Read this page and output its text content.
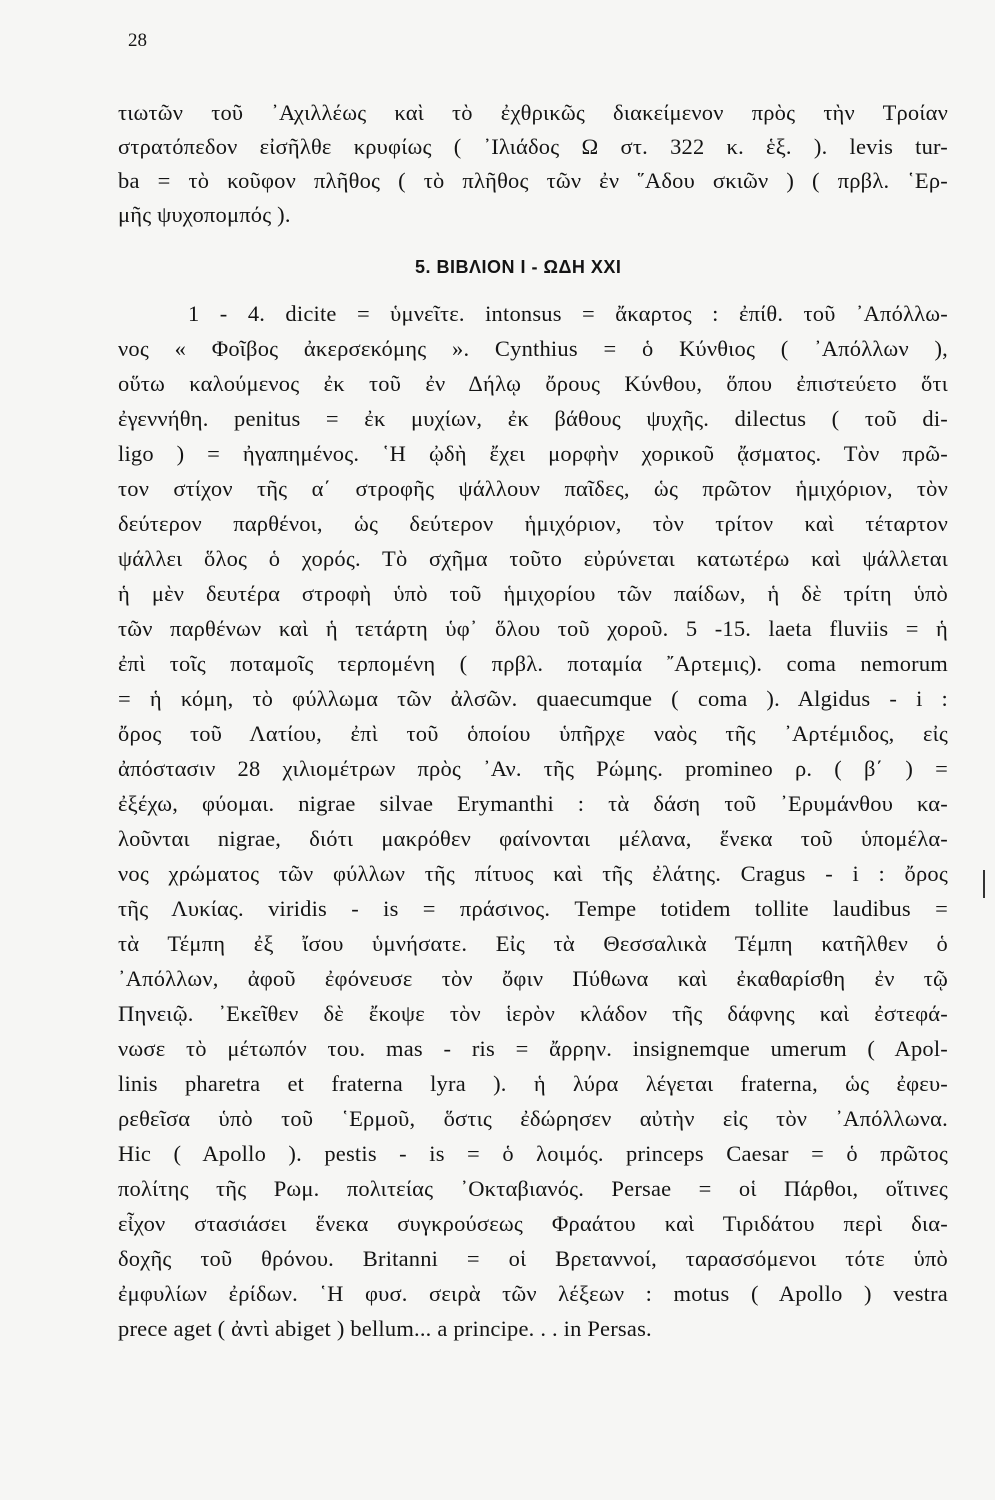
28
τιωτῶν τοῦ ᾿Αχιλλέως καὶ τὸ ἐχθρικῶς διακείμενον πρὸς τὴν Τροίαν
στρατόπεδον εἰσῆλθε κρυφίως ( ᾿Ιλιάδος Ω στ. 322 κ. ἑξ. ). levis tur-
ba = τὸ κοῦφον πλῆθος ( τὸ πλῆθος τῶν ἐν ῞Αδου σκιῶν ) ( πρβλ. ῾Ερ-
μῆς ψυχοπομπός ).
5. ΒΙΒΛΙΟΝ Ι - ΩΔΗ XXI
1 - 4. dicite = ὑμνεῖτε. intonsus = ἄκαρτος : ἐπίθ. τοῦ ᾿Απόλλω-
νος « Φοῖβος ἀκερσεκόμης ». Cynthius = ὁ Κύνθιος ( ᾿Απόλλων ),
οὕτω καλούμενος ἐκ τοῦ ἐν Δήλῳ ὄρους Κύνθου, ὅπου ἐπιστεύετο ὅτι
ἐγεννήθη. penitus = ἐκ μυχίων, ἐκ βάθους ψυχῆς. dilectus ( τοῦ di-
ligo ) = ἠγαπημένος. ῾Η ᾠδὴ ἔχει μορφὴν χορικοῦ ᾄσματος. Τὸν πρῶ-
τον στίχον τῆς α΄ στροφῆς ψάλλουν παῖδες, ὡς πρῶτον ἡμιχόριον, τὸν
δεύτερον παρθένοι, ὡς δεύτερον ἡμιχόριον, τὸν τρίτον καὶ τέταρτον
ψάλλει ὅλος ὁ χορός. Τὸ σχῆμα τοῦτο εὐρύνεται κατωτέρω καὶ ψάλλεται
ἡ μὲν δευτέρα στροφὴ ὑπὸ τοῦ ἡμιχορίου τῶν παίδων, ἡ δὲ τρίτη ὑπὸ
τῶν παρθένων καὶ ἡ τετάρτη ὑφ᾿ ὅλου τοῦ χοροῦ. 5 -15. laeta fluviis = ἡ
ἐπὶ τοῖς ποταμοῖς τερπομένη ( πρβλ. ποταμία ῎Αρτεμις). coma nemorum
= ἡ κόμη, τὸ φύλλωμα τῶν ἀλσῶν. quaecumque ( coma ). Algidus - i :
ὄρος τοῦ Λατίου, ἐπὶ τοῦ ὁποίου ὑπῆρχε ναὸς τῆς ᾿Αρτέμιδος, εἰς
ἀπόστασιν 28 χιλιομέτρων πρὸς ᾿Αν. τῆς Ρώμης. promineo ρ. ( β΄ ) =
ἐξέχω, φύομαι. nigrae silvae Erymanthi : τὰ δάση τοῦ ᾿Ερυμάνθου κα-
λοῦνται nigrae, διότι μακρόθεν φαίνονται μέλανα, ἕνεκα τοῦ ὑπομέλα-
νος χρώματος τῶν φύλλων τῆς πίτυος καὶ τῆς ἐλάτης. Cragus - i : ὄρος
τῆς Λυκίας. viridis - is = πράσινος. Tempe totidem tollite laudibus =
τὰ Τέμπη ἐξ ἴσου ὑμνήσατε. Εἰς τὰ Θεσσαλικὰ Τέμπη κατῆλθεν ὁ
᾿Απόλλων, ἀφοῦ ἐφόνευσε τὸν ὄφιν Πύθωνα καὶ ἐκαθαρίσθη ἐν τῷ
Πηνειῷ. ᾿Εκεῖθεν δὲ ἔκοψε τὸν ἱερὸν κλάδον τῆς δάφνης καὶ ἐστεφά-
νωσε τὸ μέτωπόν του. mas - ris = ἄρρην. insignemque umerum ( Apol-
linis pharetra et fraterna lyra ). ἡ λύρα λέγεται fraterna, ὡς ἐφευ-
ρεθεῖσα ὑπὸ τοῦ ῾Ερμοῦ, ὅστις ἐδώρησεν αὐτὴν εἰς τὸν ᾿Απόλλωνα.
Hic ( Apollo ). pestis - is = ὁ λοιμός. princeps Caesar = ὁ πρῶτος
πολίτης τῆς Ρωμ. πολιτείας ᾿Οκταβιανός. Persae = οἱ Πάρθοι, οἵτινες
εἶχον στασιάσει ἕνεκα συγκρούσεως Φραάτου καὶ Τιριδάτου περὶ δια-
δοχῆς τοῦ θρόνου. Britanni = οἱ Βρεταννοί, ταρασσόμενοι τότε ὑπὸ
ἐμφυλίων ἐρίδων. ῾Η φυσ. σειρὰ τῶν λέξεων : motus ( Apollo ) vestra
prece aget ( ἀντὶ abiget ) bellum... a principe. . . in Persas.
